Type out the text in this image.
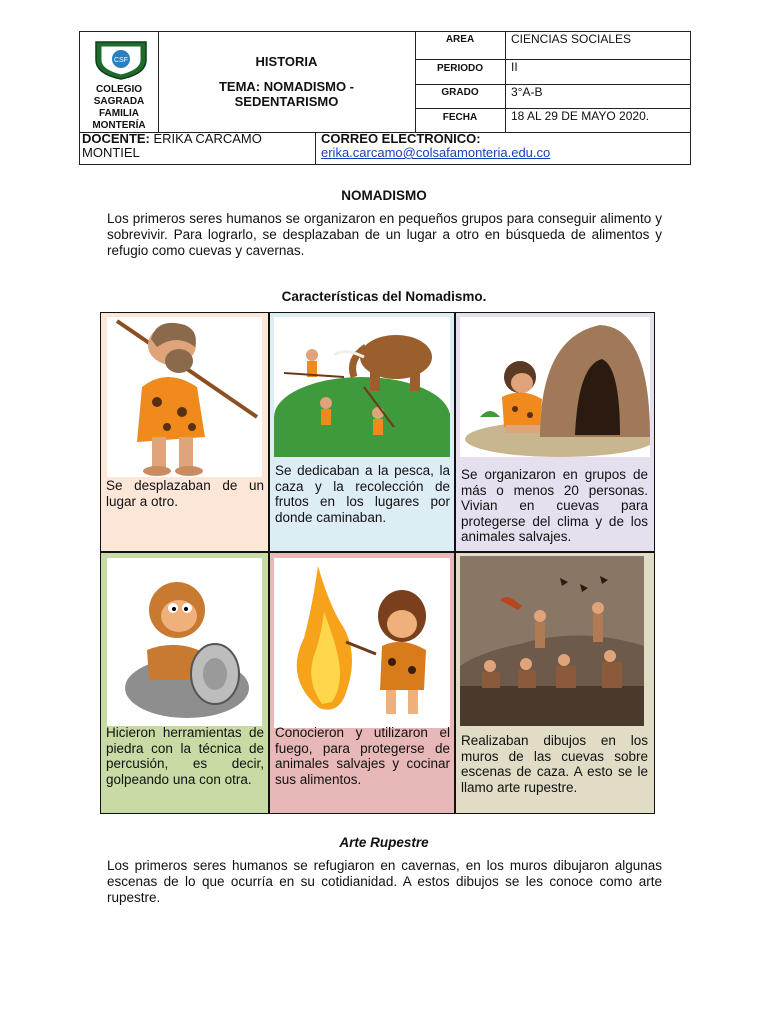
CSF
COLEGIO
SAGRADA
FAMILIA
MONTERÍA
HISTORIA
TEMA: NOMADISMO -
SEDENTARISMO
AREA	CIENCIAS SOCIALES
PERIODO	II
GRADO	3°A-B
FECHA	18 AL 29 DE MAYO 2020.
DOCENTE: ERIKA CARCAMO
MONTIEL
CORREO ELECTRONICO:
erika.carcamo@colsafamonteria.edu.co
NOMADISMO

Los primeros seres humanos se organizaron en pequeños grupos para conseguir alimento y sobrevivir. Para lograrlo, se desplazaban de un lugar a otro en búsqueda de alimentos y refugio como cuevas y cavernas.

Características del Nomadismo.
Se desplazaban de un lugar a otro.
Se dedicaban a la pesca, la caza y la recolección de frutos en los lugares por donde caminaban.
Se organizaron en grupos de más o menos 20 personas. Vivian en cuevas para protegerse del clima y de los animales salvajes.
Hicieron herramientas de piedra con la técnica de percusión, es decir, golpeando una con otra.
Conocieron y utilizaron el fuego, para protegerse de animales salvajes y cocinar sus alimentos.
Realizaban dibujos en los muros de las cuevas sobre escenas de caza. A esto se le llamo arte rupestre.
Arte Rupestre

Los primeros seres humanos se refugiaron en cavernas, en los muros dibujaron algunas escenas de lo que ocurría en su cotidianidad. A estos dibujos se les conoce como arte rupestre.
